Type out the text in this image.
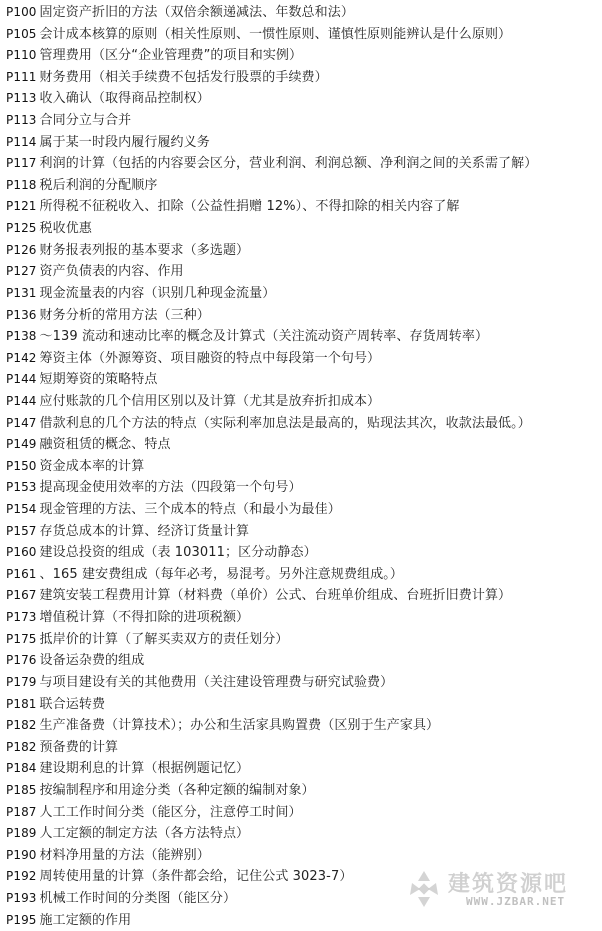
P100 固定资产折旧的方法（双倍余额递减法、年数总和法）
P105 会计成本核算的原则（相关性原则、一惯性原则、谨慎性原则能辨认是什么原则）
P110 管理费用（区分“企业管理费”的项目和实例）
P111 财务费用（相关手续费不包括发行股票的手续费）
P113 收入确认（取得商品控制权）
P113 合同分立与合并
P114 属于某一时段内履行履约义务
P117 利润的计算（包括的内容要会区分，营业利润、利润总额、净利润之间的关系需了解）
P118 税后利润的分配顺序
P121 所得税不征税收入、扣除（公益性捐赠 12%）、不得扣除的相关内容了解
P125 税收优惠
P126 财务报表列报的基本要求（多选题）
P127 资产负债表的内容、作用
P131 现金流量表的内容（识别几种现金流量）
P136 财务分析的常用方法（三种）
P138 ～139 流动和速动比率的概念及计算式（关注流动资产周转率、存货周转率）
P142 筹资主体（外源筹资、项目融资的特点中每段第一个句号）
P144 短期筹资的策略特点
P144 应付账款的几个信用区别以及计算（尤其是放弃折扣成本）
P147 借款利息的几个方法的特点（实际利率加息法是最高的，贴现法其次，收款法最低。）
P149 融资租赁的概念、特点
P150 资金成本率的计算
P153 提高现金使用效率的方法（四段第一个句号）
P154 现金管理的方法、三个成本的特点（和最小为最佳）
P157 存货总成本的计算、经济订货量计算
P160 建设总投资的组成（表 103011；区分动静态）
P161 、165 建安费组成（每年必考，易混考。另外注意规费组成。）
P167 建筑安装工程费用计算（材料费（单价）公式、台班单价组成、台班折旧费计算）
P173 增值税计算（不得扣除的进项税额）
P175 抵岸价的计算（了解买卖双方的责任划分）
P176 设备运杂费的组成
P179 与项目建设有关的其他费用（关注建设管理费与研究试验费）
P181 联合运转费
P182 生产准备费（计算技术）；办公和生活家具购置费（区别于生产家具）
P182 预备费的计算
P184 建设期利息的计算（根据例题记忆）
P185 按编制程序和用途分类（各种定额的编制对象）
P187 人工工作时间分类（能区分，注意停工时间）
P189 人工定额的制定方法（各方法特点）
P190 材料净用量的方法（能辨别）
P192 周转使用量的计算（条件都会给，记住公式 3023-7）
P193 机械工作时间的分类图（能区分）
P195 施工定额的作用
建筑资源吧
WWW.JZBAR.NET
